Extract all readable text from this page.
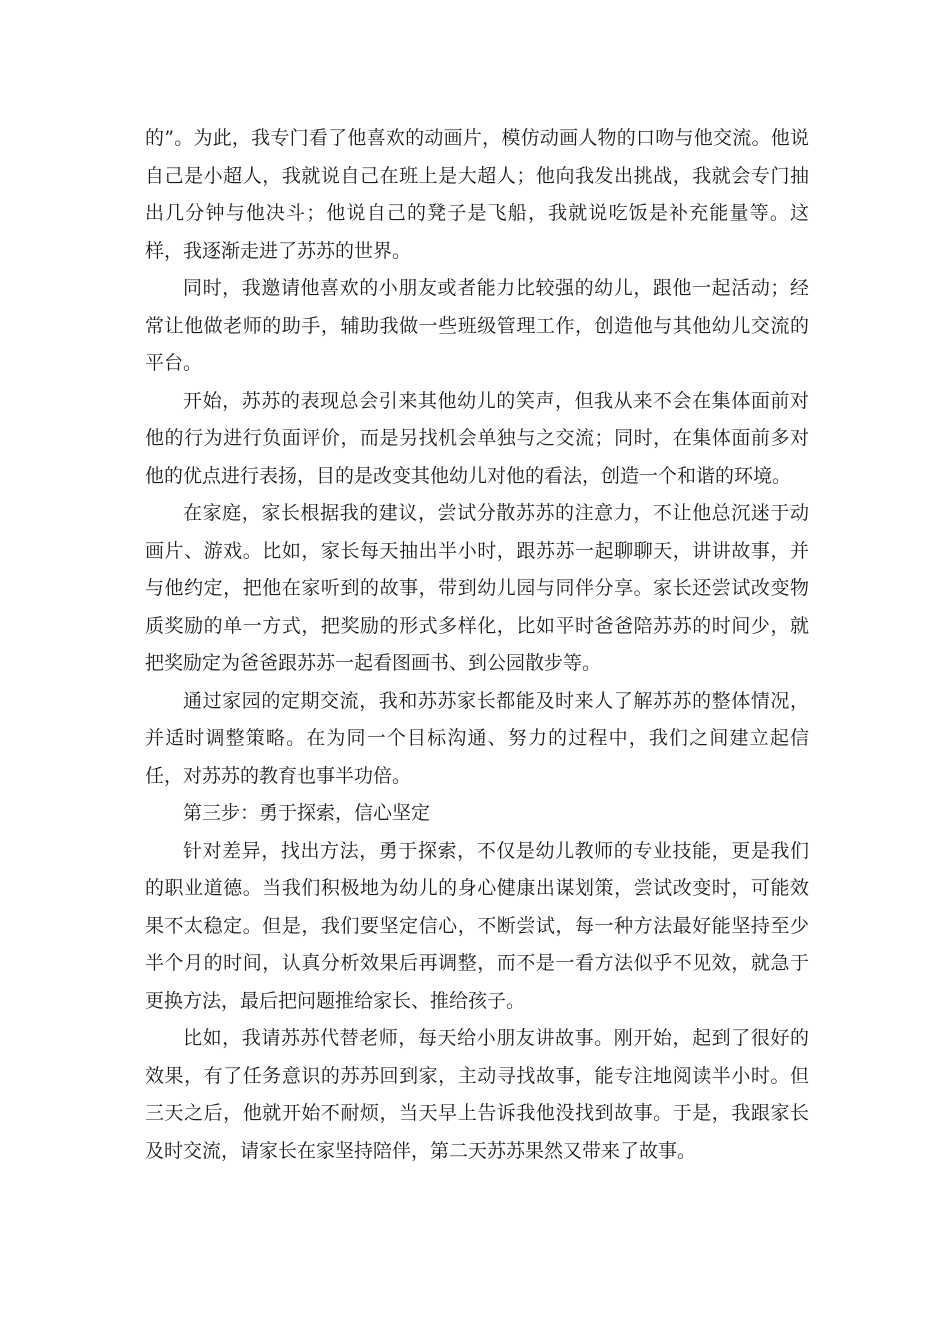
的”。为此，我专门看了他喜欢的动画片，模仿动画人物的口吻与他交流。他说自己是小超人，我就说自己在班上是大超人；他向我发出挑战，我就会专门抽出几分钟与他决斗；他说自己的凳子是飞船，我就说吃饭是补充能量等。这样，我逐渐走进了苏苏的世界。

同时，我邀请他喜欢的小朋友或者能力比较强的幼儿，跟他一起活动；经常让他做老师的助手，辅助我做一些班级管理工作，创造他与其他幼儿交流的平台。

开始，苏苏的表现总会引来其他幼儿的笑声，但我从来不会在集体面前对他的行为进行负面评价，而是另找机会单独与之交流；同时，在集体面前多对他的优点进行表扬，目的是改变其他幼儿对他的看法，创造一个和谐的环境。

在家庭，家长根据我的建议，尝试分散苏苏的注意力，不让他总沉迷于动画片、游戏。比如，家长每天抽出半小时，跟苏苏一起聊聊天，讲讲故事，并与他约定，把他在家听到的故事，带到幼儿园与同伴分享。家长还尝试改变物质奖励的单一方式，把奖励的形式多样化，比如平时爸爸陪苏苏的时间少，就把奖励定为爸爸跟苏苏一起看图画书、到公园散步等。

通过家园的定期交流，我和苏苏家长都能及时来人了解苏苏的整体情况，并适时调整策略。在为同一个目标沟通、努力的过程中，我们之间建立起信任，对苏苏的教育也事半功倍。

第三步：勇于探索，信心坚定

针对差异，找出方法，勇于探索，不仅是幼儿教师的专业技能，更是我们的职业道德。当我们积极地为幼儿的身心健康出谋划策，尝试改变时，可能效果不太稳定。但是，我们要坚定信心，不断尝试，每一种方法最好能坚持至少半个月的时间，认真分析效果后再调整，而不是一看方法似乎不见效，就急于更换方法，最后把问题推给家长、推给孩子。

比如，我请苏苏代替老师，每天给小朋友讲故事。刚开始，起到了很好的效果，有了任务意识的苏苏回到家，主动寻找故事，能专注地阅读半小时。但三天之后，他就开始不耐烦，当天早上告诉我他没找到故事。于是，我跟家长及时交流，请家长在家坚持陪伴，第二天苏苏果然又带来了故事。
